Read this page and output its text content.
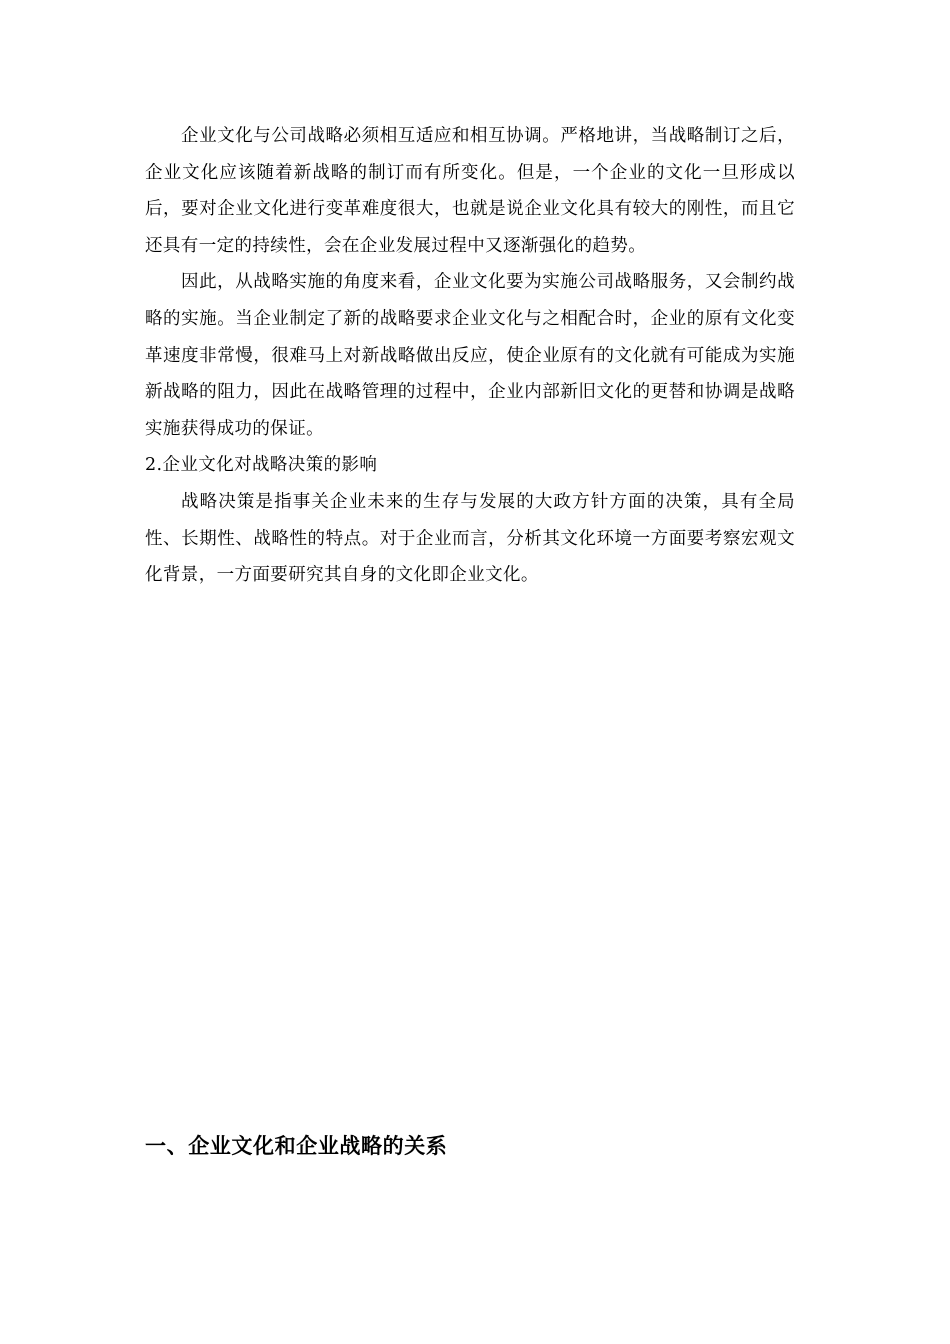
企业文化与公司战略必须相互适应和相互协调。严格地讲，当战略制订之后，企业文化应该随着新战略的制订而有所变化。但是，一个企业的文化一旦形成以后，要对企业文化进行变革难度很大，也就是说企业文化具有较大的刚性，而且它还具有一定的持续性，会在企业发展过程中又逐渐强化的趋势。

因此，从战略实施的角度来看，企业文化要为实施公司战略服务，又会制约战略的实施。当企业制定了新的战略要求企业文化与之相配合时，企业的原有文化变革速度非常慢，很难马上对新战略做出反应，使企业原有的文化就有可能成为实施新战略的阻力，因此在战略管理的过程中，企业内部新旧文化的更替和协调是战略实施获得成功的保证。

2.企业文化对战略决策的影响

战略决策是指事关企业未来的生存与发展的大政方针方面的决策，具有全局性、长期性、战略性的特点。对于企业而言，分析其文化环境一方面要考察宏观文化背景，一方面要研究其自身的文化即企业文化。

一、企业文化和企业战略的关系
